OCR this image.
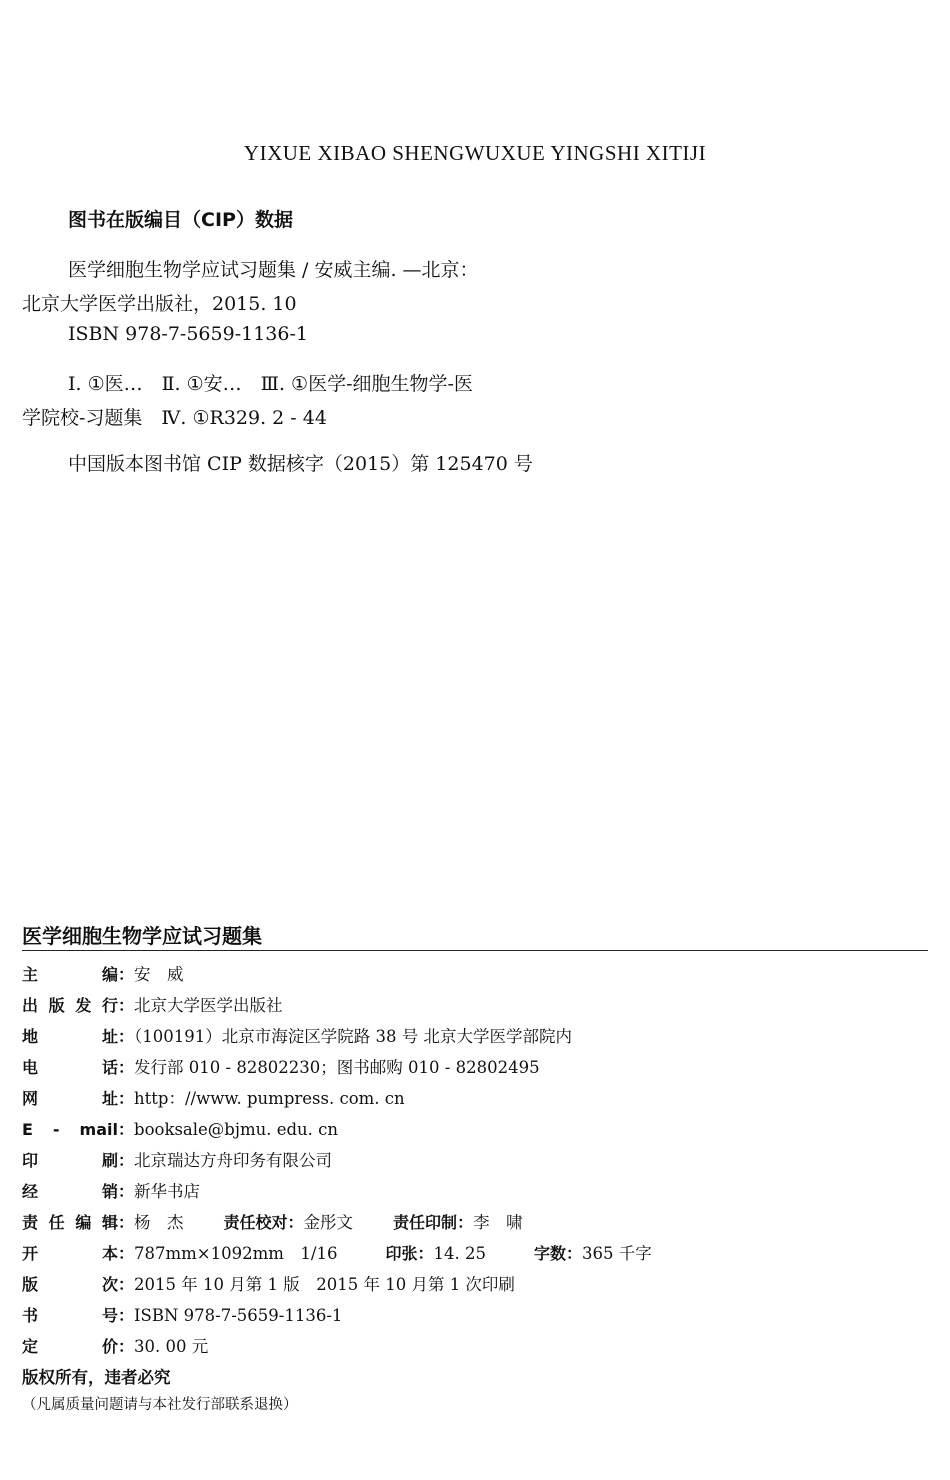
YIXUE XIBAO SHENGWUXUE YINGSHI XITIJI
图书在版编目（CIP）数据
医学细胞生物学应试习题集 / 安威主编. —北京：
北京大学医学出版社，2015. 10
ISBN 978-7-5659-1136-1
Ⅰ. ①医…　Ⅱ. ①安…　Ⅲ. ①医学-细胞生物学-医
学院校-习题集　Ⅳ. ①R329. 2 - 44
中国版本图书馆 CIP 数据核字（2015）第 125470 号
医学细胞生物学应试习题集
主编：安　威
出版发行：北京大学医学出版社
地址：（100191）北京市海淀区学院路 38 号 北京大学医学部院内
电话：发行部 010 - 82802230；图书邮购 010 - 82802495
网址：http：//www. pumpress. com. cn
E - mail：booksale@bjmu. edu. cn
印刷：北京瑞达方舟印务有限公司
经销：新华书店
责任编辑：杨　杰	责任校对：金彤文	责任印制：李　啸
开本：787mm×1092mm　1/16	印张：14. 25	字数：365 千字
版次：2015 年 10 月第 1 版　2015 年 10 月第 1 次印刷
书号：ISBN 978-7-5659-1136-1
定价：30. 00 元
版权所有，违者必究
（凡属质量问题请与本社发行部联系退换）
